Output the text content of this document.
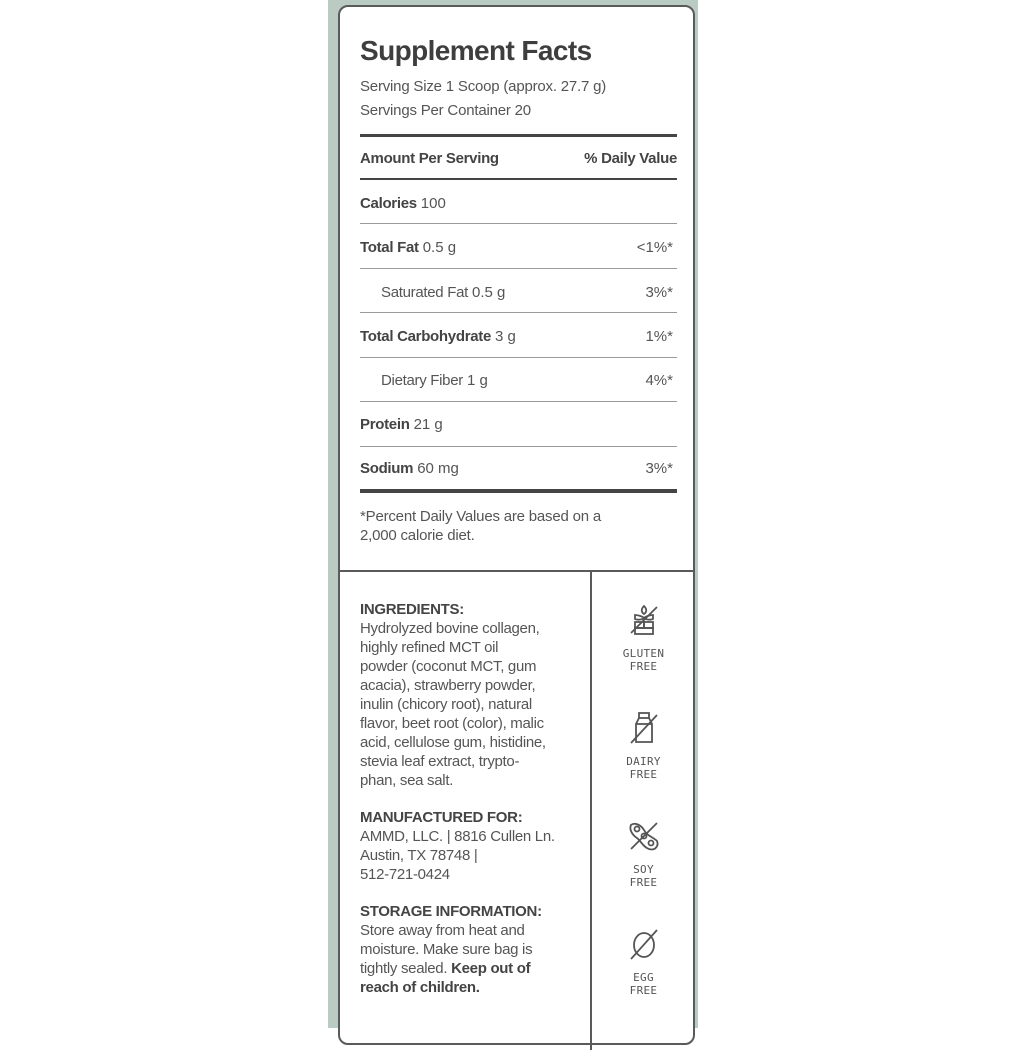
Supplement Facts
Serving Size 1 Scoop (approx. 27.7 g)
Servings Per Container 20
Amount Per Serving	% Daily Value
Calories 100
Total Fat 0.5 g	<1%*
Saturated Fat 0.5 g	3%*
Total Carbohydrate 3 g	1%*
Dietary Fiber 1 g	4%*
Protein 21 g
Sodium 60 mg	3%*
*Percent Daily Values are based on a
2,000 calorie diet.
INGREDIENTS:
Hydrolyzed bovine collagen,
highly refined MCT oil
powder (coconut MCT, gum
acacia), strawberry powder,
inulin (chicory root), natural
flavor, beet root (color), malic
acid, cellulose gum, histidine,
stevia leaf extract, trypto-
phan, sea salt.
MANUFACTURED FOR:
AMMD, LLC. | 8816 Cullen Ln.
Austin, TX 78748 |
512-721-0424
STORAGE INFORMATION:
Store away from heat and
moisture. Make sure bag is
tightly sealed. Keep out of
reach of children.
GLUTEN
FREE
DAIRY
FREE
SOY
FREE
EGG
FREE
